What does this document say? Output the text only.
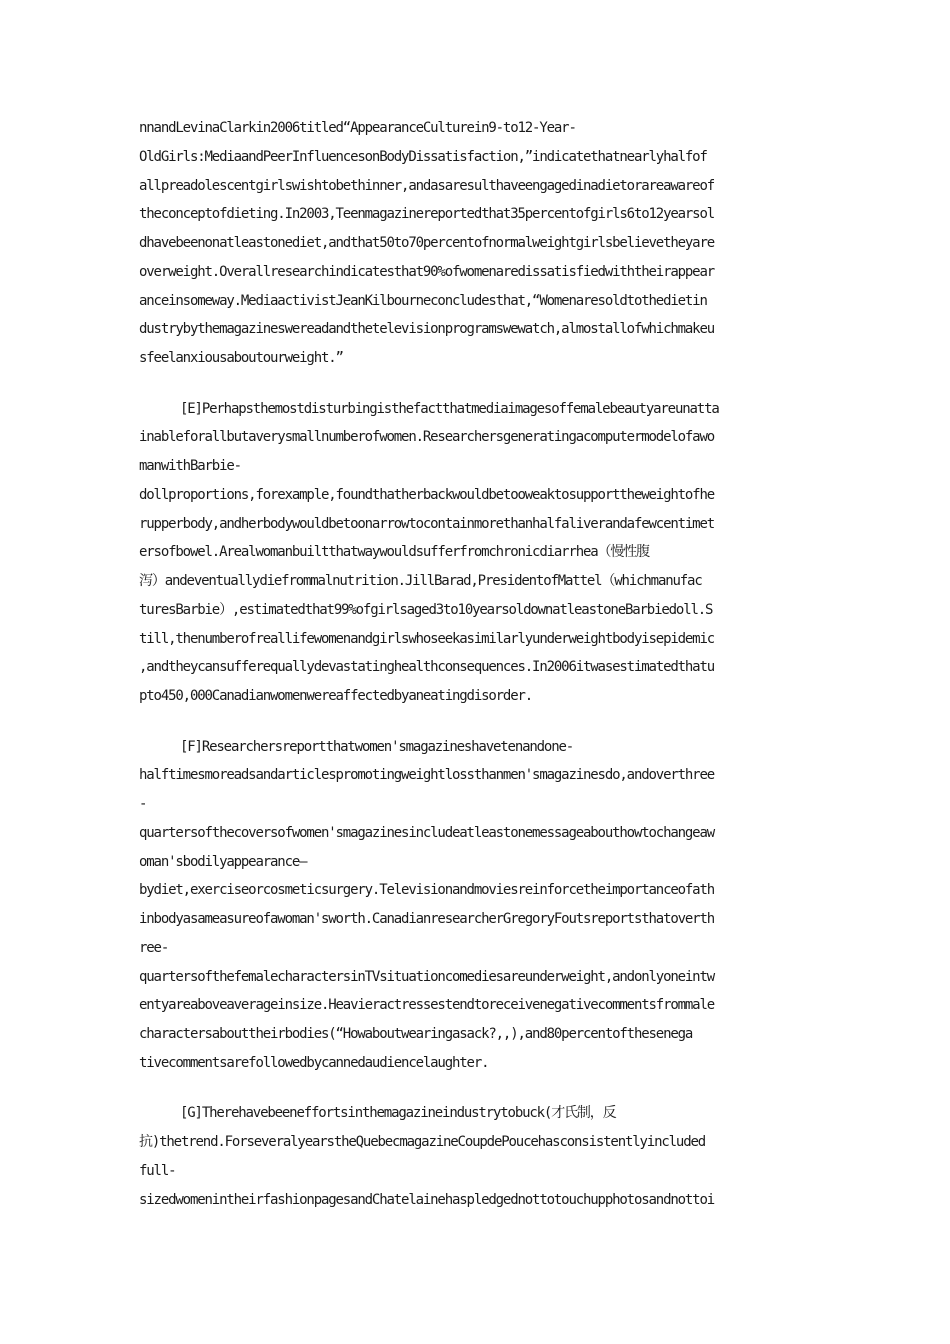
nnandLevinaClarkin2006titled“AppearanceCulturein9-to12-Year-
OldGirls:MediaandPeerInfluencesonBodyDissatisfaction,”indicatethatnearlyhalfof
allpreadolescentgirlswishtobethinner,andasaresulthaveengagedinadietorareawareof
theconceptofdieting.In2003,Teenmagazinereportedthat35percentofgirls6to12yearsol
dhavebeenonatleastonediet,andthat50to70percentofnormalweightgirlsbelievetheyare
overweight.Overallresearchindicatesthat90%ofwomenaredissatisfiedwiththeirappear
anceinsomeway.MediaactivistJeanKilbourneconcludesthat,“Womenaresoldtothedietin
dustrybythemagazineswereadandthetelevisionprogramswewatch,almostallofwhichmakeu
sfeelanxiousaboutourweight.”
[E]Perhapsthemostdisturbingisthefactthatmediaimagesoffemalebeautyareunatta
inableforallbutaverysmallnumberofwomen.Researchersgeneratingacomputermodelofawo
manwithBarbie-
dollproportions,forexample,foundthatherbackwouldbetooweaktosupporttheweightofhe
rupperbody,andherbodywouldbetoonarrowtocontainmorethanhalfaliverandafewcentimet
ersofbowel.Arealwomanbuiltthatwaywouldsufferfromchronicdiarrhea（慢性腹
泻）andeventuallydiefrommalnutrition.JillBarad,PresidentofMattel（whichmanufac
turesBarbie）,estimatedthat99%ofgirlsaged3to10yearsoldownatleastoneBarbiedoll.S
till,thenumberofreallifewomenandgirlswhoseekasimilarlyunderweightbodyisepidemic
,andtheycansufferequallydevastatinghealthconsequences.In2006itwasestimatedthatu
pto450,000Canadianwomenwereaffectedbyaneatingdisorder.
[F]Researchersreportthatwomen'smagazineshavetenandone-
halftimesmoreadsandarticlespromotingweightlossthanmen'smagazinesdo,andoverthree
-
quartersofthecoversofwomen'smagazinesincludeatleastonemessageabouthowtochangeaw
oman'sbodilyappearance—
bydiet,exerciseorcosmeticsurgery.Televisionandmoviesreinforcetheimportanceofath
inbodyasameasureofawoman'sworth.CanadianresearcherGregoryFoutsreportsthatoverth
ree-
quartersofthefemalecharactersinTVsituationcomediesareunderweight,andonlyoneintw
entyareaboveaverageinsize.Heavieractressestendtoreceivenegativecommentsfrommale
charactersabouttheirbodies(“Howaboutwearingasack?,,),and80percentofthesenega
tivecommentsarefollowedbycannedaudiencelaughter.
[G]Therehavebeeneffortsinthemagazineindustrytobuck(才氏制，反
抗)thetrend.ForseveralyearstheQuebecmagazineCoupdePoucehasconsistentlyincluded
full-
sizedwomenintheirfashionpagesandChatelainehaspledgednottotouchupphotosandnottoi
